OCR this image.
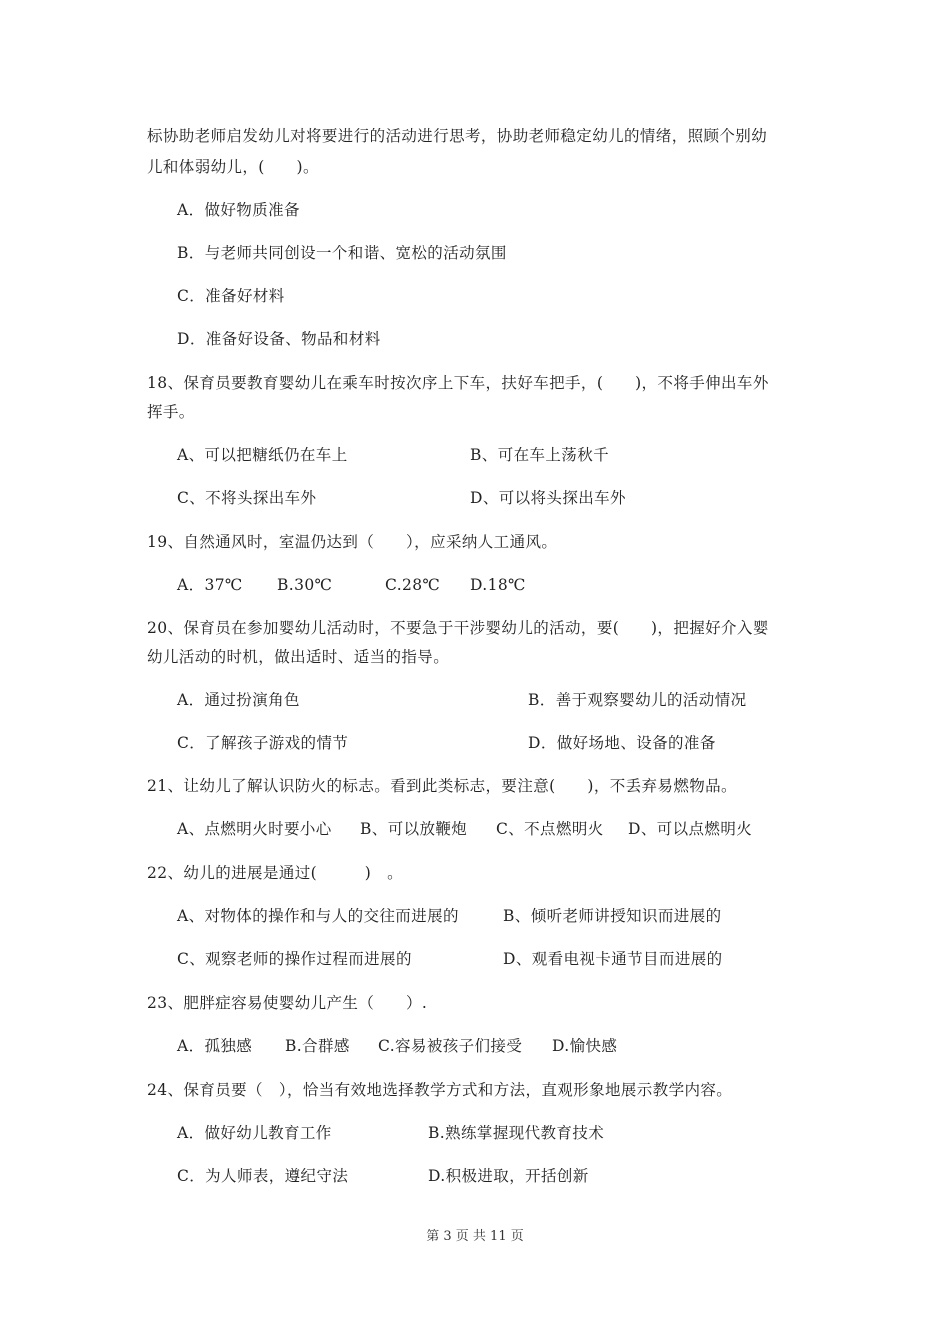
标协助老师启发幼儿对将要进行的活动进行思考，协助老师稳定幼儿的情绪，照顾个别幼
儿和体弱幼儿，(　　)。
A．做好物质准备
B．与老师共同创设一个和谐、宽松的活动氛围
C．准备好材料
D．准备好设备、物品和材料
18、保育员要教育婴幼儿在乘车时按次序上下车，扶好车把手，(　　)，不将手伸出车外
挥手。
A、可以把糖纸仍在车上	B、可在车上荡秋千
C、不将头探出车外	D、可以将头探出车外
19、自然通风时，室温仍达到（　　），应采纳人工通风。
A．37℃ B.30℃	C.28℃ D.18℃
20、保育员在参加婴幼儿活动时，不要急于干涉婴幼儿的活动，要(　　)，把握好介入婴
幼儿活动的时机，做出适时、适当的指导。
A．通过扮演角色	B．善于观察婴幼儿的活动情况
C．了解孩子游戏的情节	D．做好场地、设备的准备
21、让幼儿了解认识防火的标志。看到此类标志，要注意(　　)，不丢弃易燃物品。
A、点燃明火时要小心 B、可以放鞭炮 C、不点燃明火 D、可以点燃明火
22、幼儿的进展是通过(　　　)　。
A、对物体的操作和与人的交往而进展的	B、倾听老师讲授知识而进展的
C、观察老师的操作过程而进展的	D、观看电视卡通节目而进展的
23、肥胖症容易使婴幼儿产生（　　）.
A．孤独感 B.合群感 C.容易被孩子们接受 D.愉快感
24、保育员要（　），恰当有效地选择教学方式和方法，直观形象地展示教学内容。
A．做好幼儿教育工作	B.熟练掌握现代教育技术
C．为人师表，遵纪守法	D.积极进取，开括创新
第 3 页 共 11 页
